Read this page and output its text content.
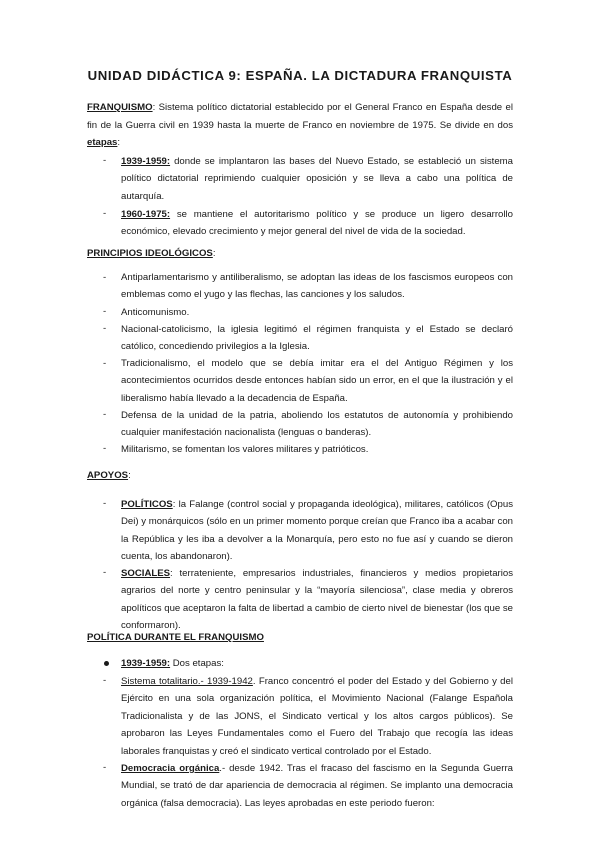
UNIDAD DIDÁCTICA 9: ESPAÑA. LA DICTADURA FRANQUISTA

FRANQUISMO: Sistema político dictatorial establecido por el General Franco en España desde el fin de la Guerra civil en 1939 hasta la muerte de Franco en noviembre de 1975. Se divide en dos etapas:

- 1939-1959: donde se implantaron las bases del Nuevo Estado, se estableció un sistema político dictatorial reprimiendo cualquier oposición y se lleva a cabo una política de autarquía.

- 1960-1975: se mantiene el autoritarismo político y se produce un ligero desarrollo económico, elevado crecimiento y mejor general del nivel de vida de la sociedad.

PRINCIPIOS IDEOLÓGICOS:

- Antiparlamentarismo y antiliberalismo, se adoptan las ideas de los fascismos europeos con emblemas como el yugo y las flechas, las canciones y los saludos.

- Anticomunismo.

- Nacional-catolicismo, la iglesia legitimó el régimen franquista y el Estado se declaró católico, concediendo privilegios a la Iglesia.

- Tradicionalismo, el modelo que se debía imitar era el del Antiguo Régimen y los acontecimientos ocurridos desde entonces habían sido un error, en el que la ilustración y el liberalismo había llevado a la decadencia de España.

- Defensa de la unidad de la patria, aboliendo los estatutos de autonomía y prohibiendo cualquier manifestación nacionalista (lenguas o banderas).

- Militarismo, se fomentan los valores militares y patrióticos.

APOYOS:

- POLÍTICOS: la Falange (control social y propaganda ideológica), militares, católicos (Opus Dei) y monárquicos (sólo en un primer momento porque creían que Franco iba a acabar con la República y les iba a devolver a la Monarquía, pero esto no fue así y cuando se dieron cuenta, los abandonaron).

- SOCIALES: terrateniente, empresarios industriales, financieros y medios propietarios agrarios del norte y centro peninsular y la “mayoría silenciosa”, clase media y obreros apolíticos que aceptaron la falta de libertad a cambio de cierto nivel de bienestar (los que se conformaron).

POLÍTICA DURANTE EL FRANQUISMO

1939-1959: Dos etapas:

- Sistema totalitario.- 1939-1942. Franco concentró el poder del Estado y del Gobierno y del Ejército en una sola organización política, el Movimiento Nacional (Falange Española Tradicionalista y de las JONS, el Sindicato vertical y los altos cargos públicos). Se aprobaron las Leyes Fundamentales como el Fuero del Trabajo que recogía las ideas laborales franquistas y creó el sindicato vertical controlado por el Estado.

- Democracia orgánica.- desde 1942. Tras el fracaso del fascismo en la Segunda Guerra Mundial, se trató de dar apariencia de democracia al régimen. Se implanto una democracia orgánica (falsa democracia). Las leyes aprobadas en este periodo fueron:
